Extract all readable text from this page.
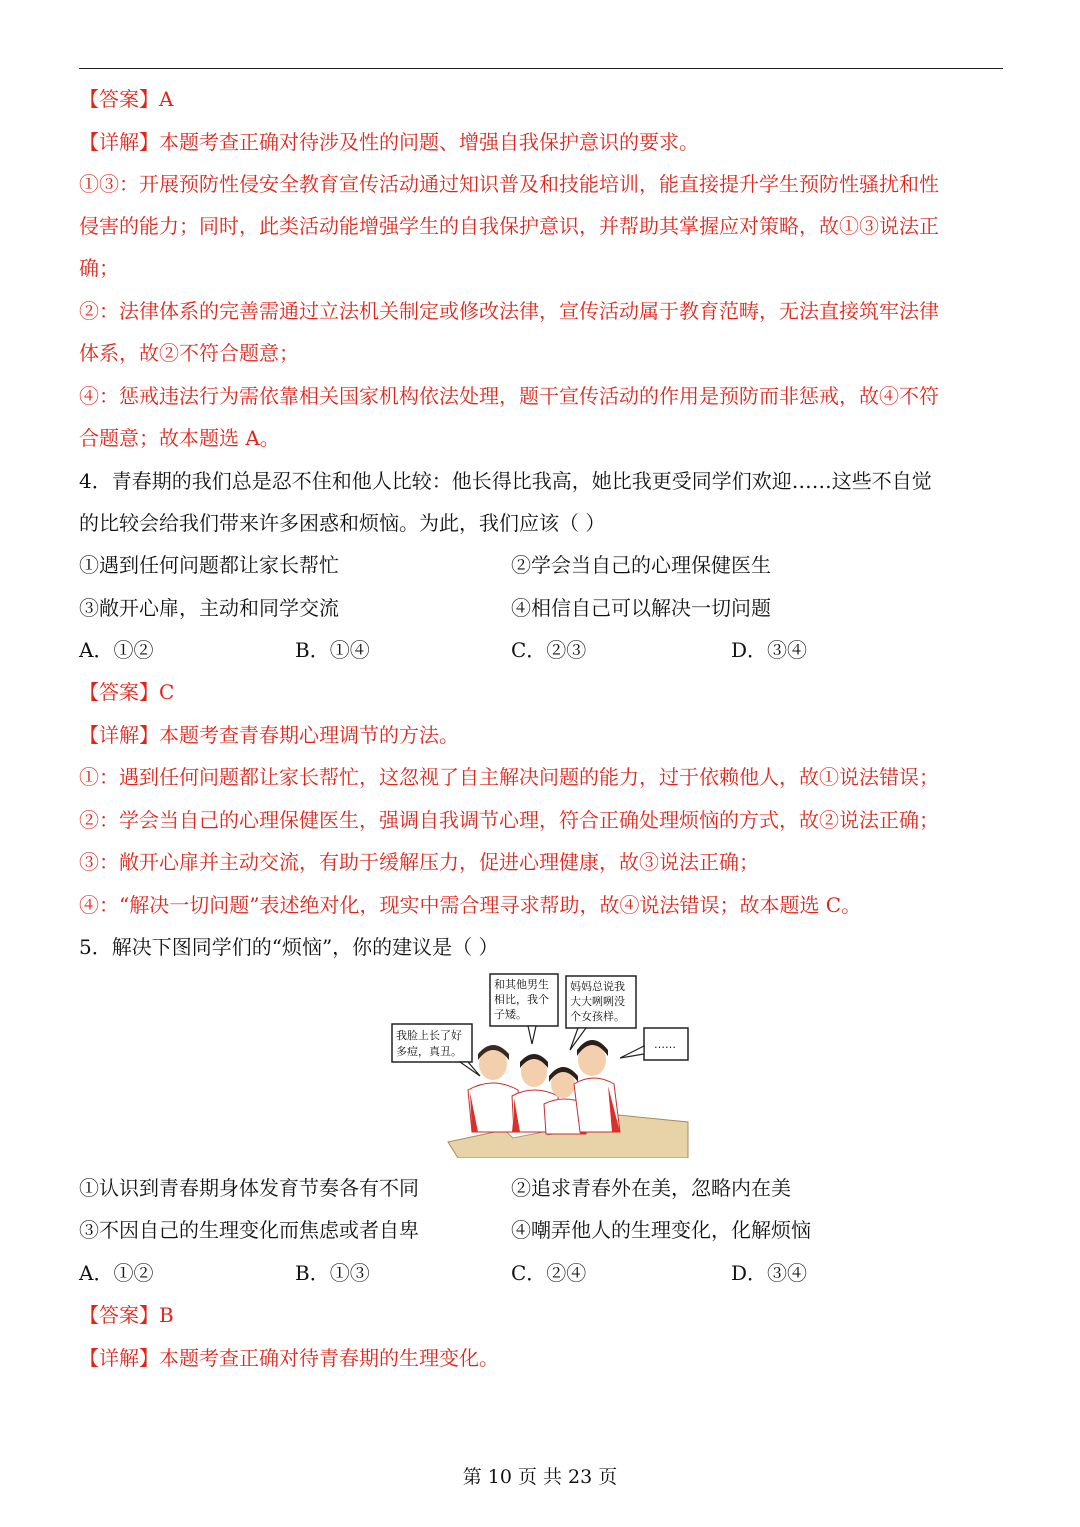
【答案】A
【详解】本题考查正确对待涉及性的问题、增强自我保护意识的要求。
①③：开展预防性侵安全教育宣传活动通过知识普及和技能培训，能直接提升学生预防性骚扰和性
侵害的能力；同时，此类活动能增强学生的自我保护意识，并帮助其掌握应对策略，故①③说法正
确；
②：法律体系的完善需通过立法机关制定或修改法律，宣传活动属于教育范畴，无法直接筑牢法律
体系，故②不符合题意；
④：惩戒违法行为需依靠相关国家机构依法处理，题干宣传活动的作用是预防而非惩戒，故④不符
合题意；故本题选 A。
4．青春期的我们总是忍不住和他人比较：他长得比我高，她比我更受同学们欢迎……这些不自觉
的比较会给我们带来许多困惑和烦恼。为此，我们应该（ ）
①遇到任何问题都让家长帮忙	②学会当自己的心理保健医生
③敞开心扉，主动和同学交流	④相信自己可以解决一切问题
A．①②	B．①④	C．②③	D．③④
【答案】C
【详解】本题考查青春期心理调节的方法。
①：遇到任何问题都让家长帮忙，这忽视了自主解决问题的能力，过于依赖他人，故①说法错误；
②：学会当自己的心理保健医生，强调自我调节心理，符合正确处理烦恼的方式，故②说法正确；
③：敞开心扉并主动交流，有助于缓解压力，促进心理健康，故③说法正确；
④：“解决一切问题”表述绝对化，现实中需合理寻求帮助，故④说法错误；故本题选 C。
5．解决下图同学们的“烦恼”，你的建议是（ ）
我脸上长了好
多痘，真丑。
和其他男生
相比，我个
子矮。
妈妈总说我
大大咧咧没
个女孩样。
……
①认识到青春期身体发育节奏各有不同	②追求青春外在美，忽略内在美
③不因自己的生理变化而焦虑或者自卑	④嘲弄他人的生理变化，化解烦恼
A．①②	B．①③	C．②④	D．③④
【答案】B
【详解】本题考查正确对待青春期的生理变化。
第 10 页 共 23 页
